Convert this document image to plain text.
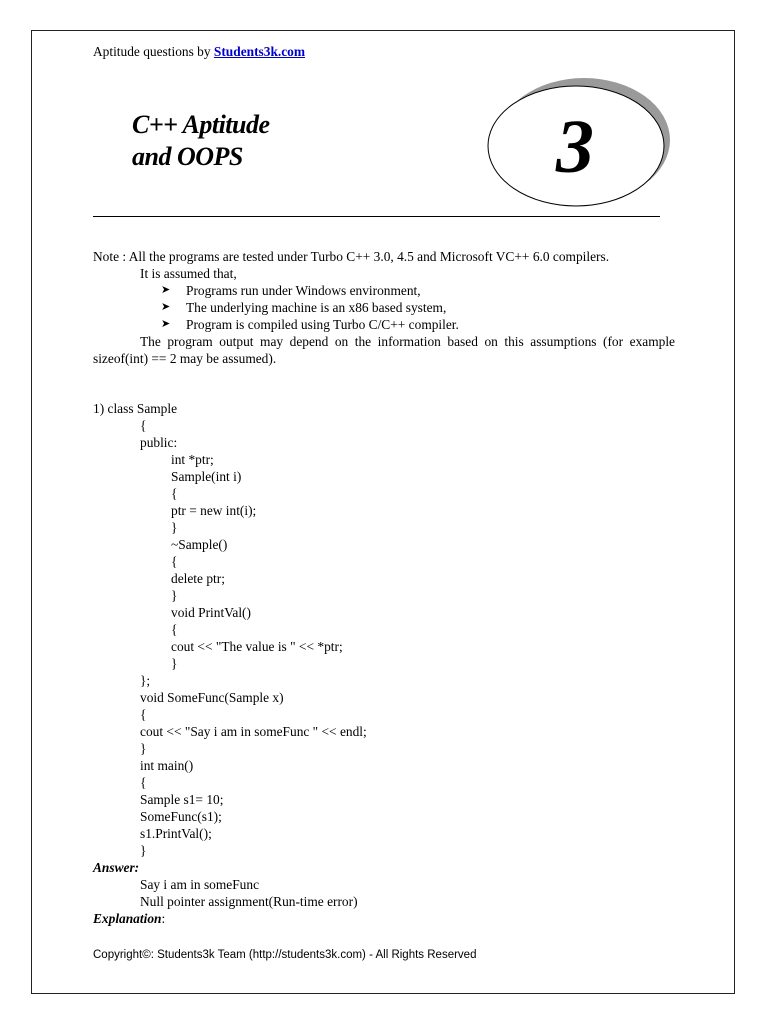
Aptitude questions by Students3k.com
C++ Aptitude
and OOPS	3
Note : All the programs are tested under Turbo C++ 3.0, 4.5 and Microsoft VC++ 6.0 compilers.
It is assumed that,
➤ Programs run under Windows environment,
➤ The underlying machine is an x86 based system,
➤ Program is compiled using Turbo C/C++ compiler.
The program output may depend on the information based on this assumptions (for example sizeof(int) == 2 may be assumed).
1) class Sample
{
public:
int *ptr;
Sample(int i)
{
ptr = new int(i);
}
~Sample()
{
delete ptr;
}
void PrintVal()
{
cout << "The value is " << *ptr;
}
};
void SomeFunc(Sample x)
{
cout << "Say i am in someFunc " << endl;
}
int main()
{
Sample s1= 10;
SomeFunc(s1);
s1.PrintVal();
}
Answer:
Say i am in someFunc
Null pointer assignment(Run-time error)
Explanation:
Copyright©: Students3k Team (http://students3k.com) - All Rights Reserved
